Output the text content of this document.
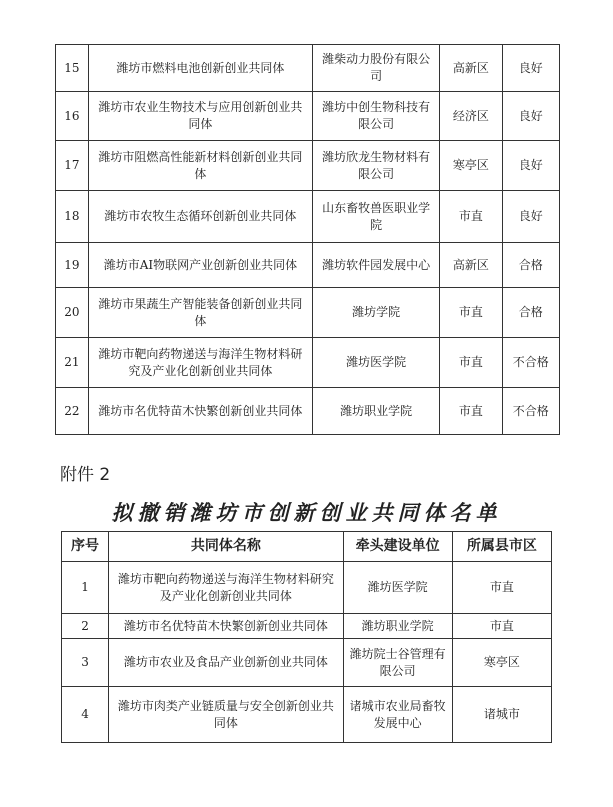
15	潍坊市燃料电池创新创业共同体	潍柴动力股份有限公司	高新区	良好
16	潍坊市农业生物技术与应用创新创业共同体	潍坊中创生物科技有限公司	经济区	良好
17	潍坊市阻燃高性能新材料创新创业共同体	潍坊欣龙生物材料有限公司	寒亭区	良好
18	潍坊市农牧生态循环创新创业共同体	山东畜牧兽医职业学院	市直	良好
19	潍坊市AI物联网产业创新创业共同体	潍坊软件园发展中心	高新区	合格
20	潍坊市果蔬生产智能装备创新创业共同体	潍坊学院	市直	合格
21	潍坊市靶向药物递送与海洋生物材料研究及产业化创新创业共同体	潍坊医学院	市直	不合格
22	潍坊市名优特苗木快繁创新创业共同体	潍坊职业学院	市直	不合格
附件 2
拟撤销潍坊市创新创业共同体名单
序号	共同体名称	牵头建设单位	所属县市区
1	潍坊市靶向药物递送与海洋生物材料研究及产业化创新创业共同体	潍坊医学院	市直
2	潍坊市名优特苗木快繁创新创业共同体	潍坊职业学院	市直
3	潍坊市农业及食品产业创新创业共同体	潍坊院士谷管理有限公司	寒亭区
4	潍坊市肉类产业链质量与安全创新创业共同体	诸城市农业局畜牧发展中心	诸城市
